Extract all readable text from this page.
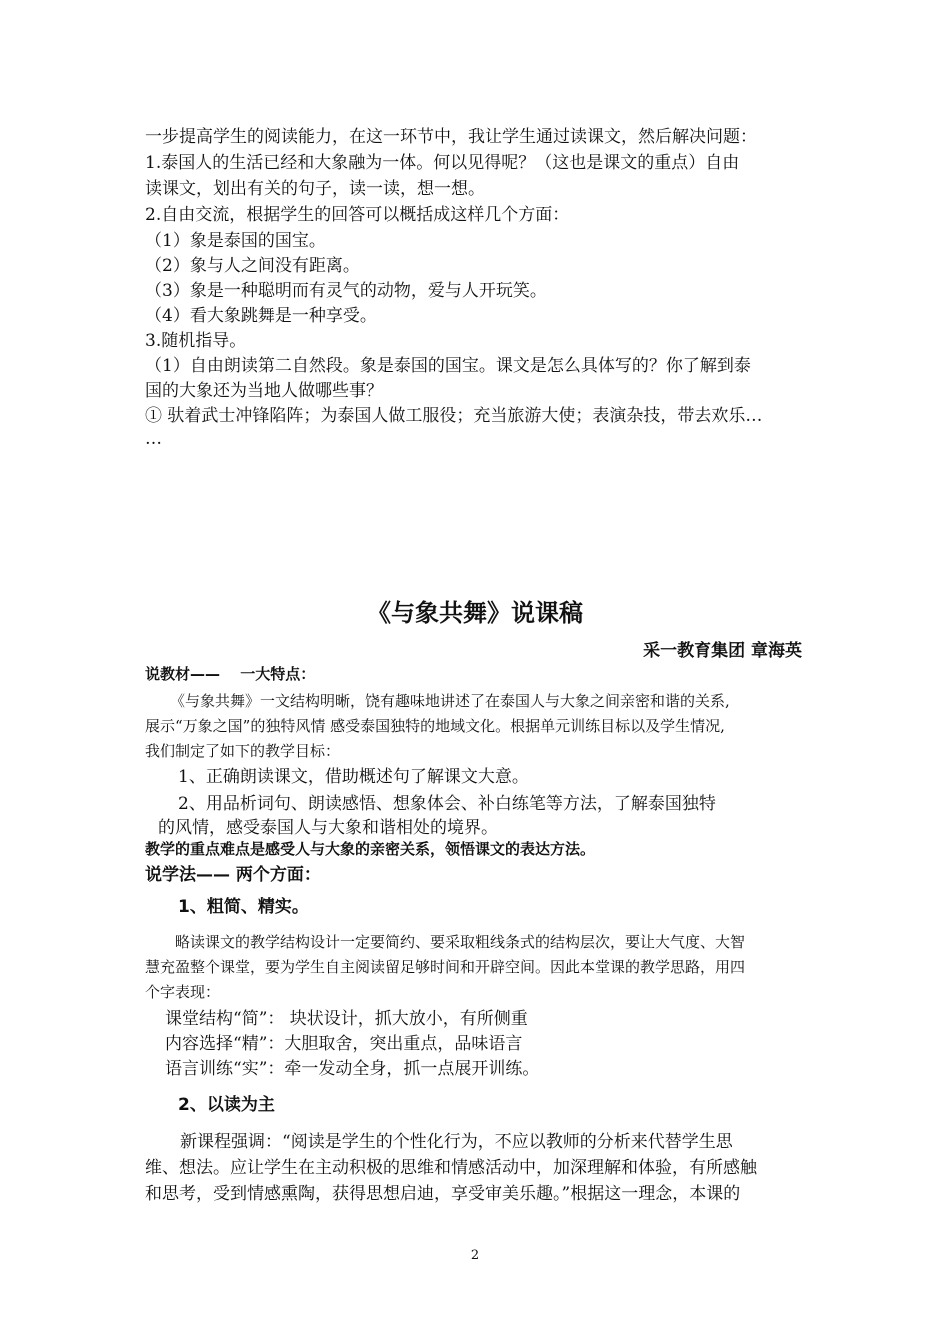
一步提高学生的阅读能力，在这一环节中，我让学生通过读课文，然后解决问题：
1.泰国人的生活已经和大象融为一体。何以见得呢？（这也是课文的重点）自由
读课文，划出有关的句子，读一读，想一想。
2.自由交流，根据学生的回答可以概括成这样几个方面：
（1）象是泰国的国宝。
（2）象与人之间没有距离。
（3）象是一种聪明而有灵气的动物，爱与人开玩笑。
（4）看大象跳舞是一种享受。
3.随机指导。
（1）自由朗读第二自然段。象是泰国的国宝。课文是怎么具体写的？你了解到泰
国的大象还为当地人做哪些事？
① 驮着武士冲锋陷阵；为泰国人做工服役；充当旅游大使；表演杂技，带去欢乐…
…
《与象共舞》说课稿
采一教育集团 章海英
说教材——　 一大特点：
《与象共舞》一文结构明晰，饶有趣味地讲述了在泰国人与大象之间亲密和谐的关系,
展示“万象之国”的独特风情 感受泰国独特的地域文化。根据单元训练目标以及学生情况,
我们制定了如下的教学目标：
1、正确朗读课文，借助概述句了解课文大意。
2、用品析词句、朗读感悟、想象体会、补白练笔等方法，了解泰国独特
的风情，感受泰国人与大象和谐相处的境界。
教学的重点难点是感受人与大象的亲密关系，领悟课文的表达方法。
说学法—— 两个方面：
1、粗简、精实。
略读课文的教学结构设计一定要简约、要采取粗线条式的结构层次，要让大气度、大智
慧充盈整个课堂，要为学生自主阅读留足够时间和开辟空间。因此本堂课的教学思路，用四
个字表现：
课堂结构“简”： 块状设计，抓大放小，有所侧重
内容选择“精”：大胆取舍，突出重点，品味语言
语言训练“实”：牵一发动全身，抓一点展开训练。
2、以读为主
新课程强调：“阅读是学生的个性化行为，不应以教师的分析来代替学生思
维、想法。应让学生在主动积极的思维和情感活动中，加深理解和体验，有所感触
和思考，受到情感熏陶，获得思想启迪，享受审美乐趣。”根据这一理念，本课的
2
